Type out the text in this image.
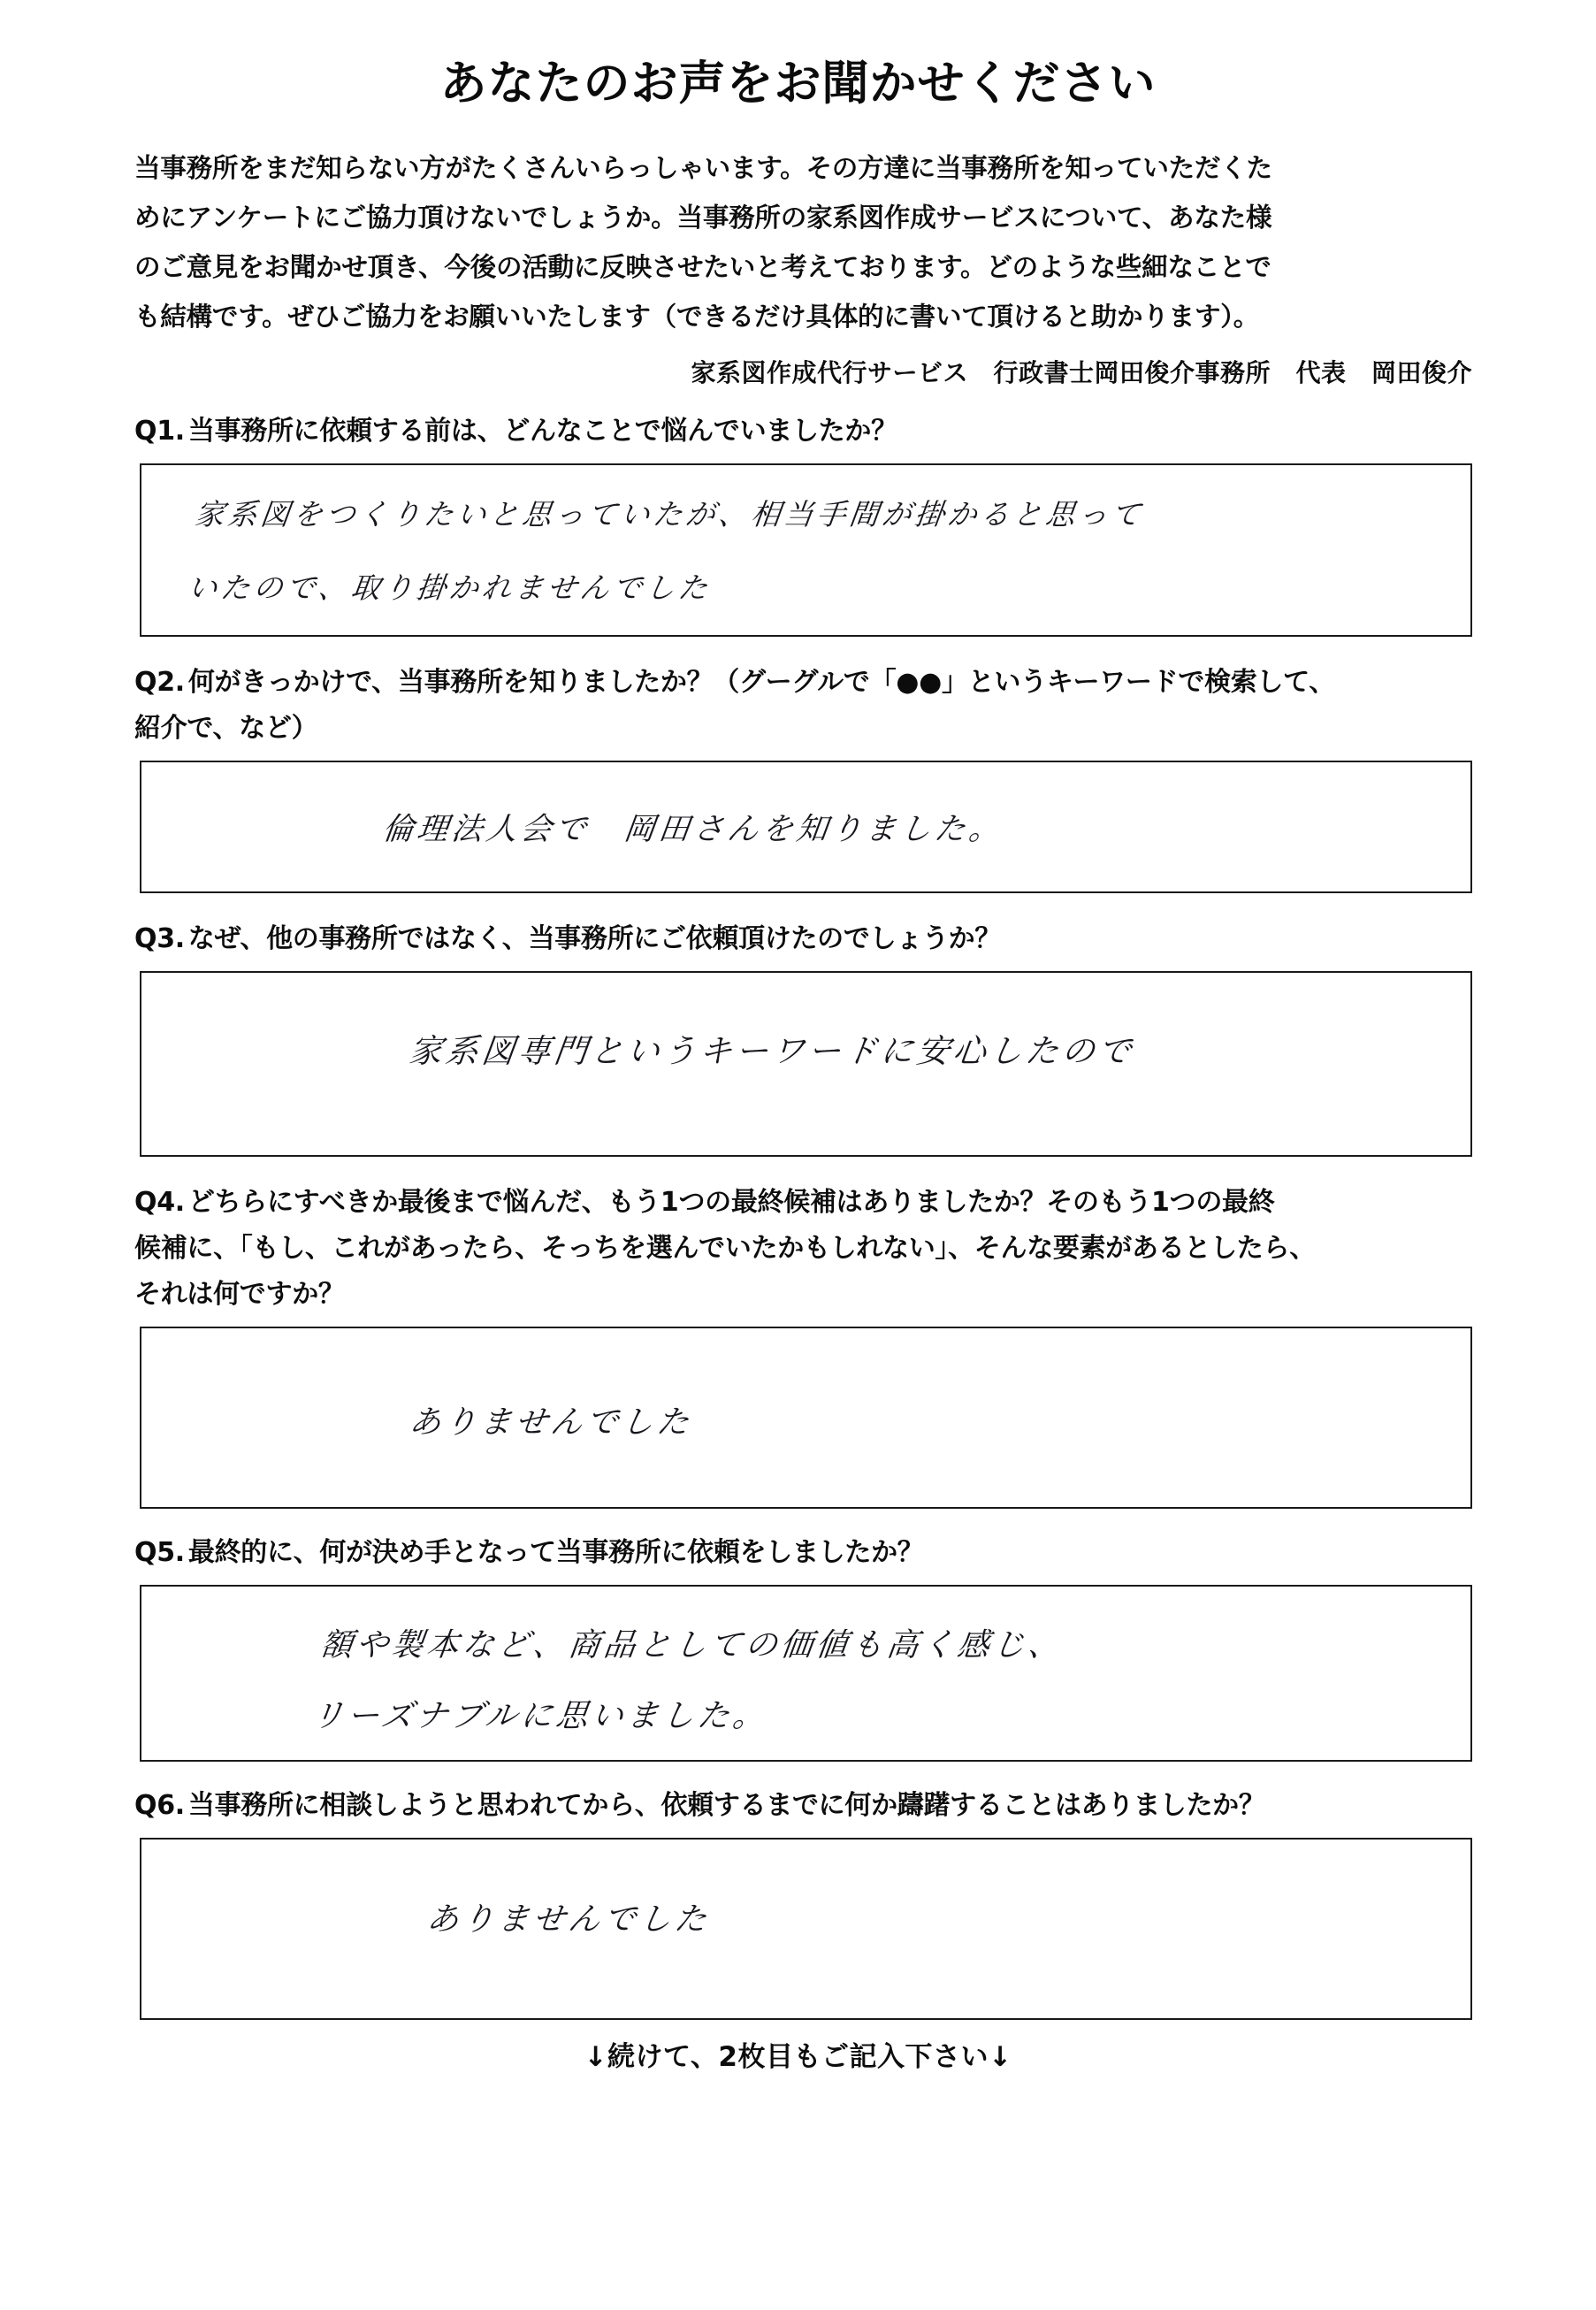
あなたのお声をお聞かせください

当事務所をまだ知らない方がたくさんいらっしゃいます。その方達に当事務所を知っていただくた

めにアンケートにご協力頂けないでしょうか。当事務所の家系図作成サービスについて、あなた様

のご意見をお聞かせ頂き、今後の活動に反映させたいと考えております。どのような些細なことで

も結構です。ぜひご協力をお願いいたします（できるだけ具体的に書いて頂けると助かります）。

家系図作成代行サービス　行政書士岡田俊介事務所　代表　岡田俊介
Q1. 当事務所に依頼する前は、どんなことで悩んでいましたか？
家系図をつくりたいと思っていたが、相当手間が掛かると思って
いたので、取り掛かれませんでした
Q2. 何がきっかけで、当事務所を知りましたか？（グーグルで「●●」というキーワードで検索して、
紹介で、など）
倫理法人会で　岡田さんを知りました。
Q3. なぜ、他の事務所ではなく、当事務所にご依頼頂けたのでしょうか？
家系図専門というキーワードに安心したので
Q4. どちらにすべきか最後まで悩んだ、もう1つの最終候補はありましたか？そのもう1つの最終
候補に、「もし、これがあったら、そっちを選んでいたかもしれない」、そんな要素があるとしたら、
それは何ですか？
ありませんでした
Q5. 最終的に、何が決め手となって当事務所に依頼をしましたか？
額や製本など、商品としての価値も高く感じ、
リーズナブルに思いました。
Q6. 当事務所に相談しようと思われてから、依頼するまでに何か躊躇することはありましたか？
ありませんでした
↓続けて、2枚目もご記入下さい↓
